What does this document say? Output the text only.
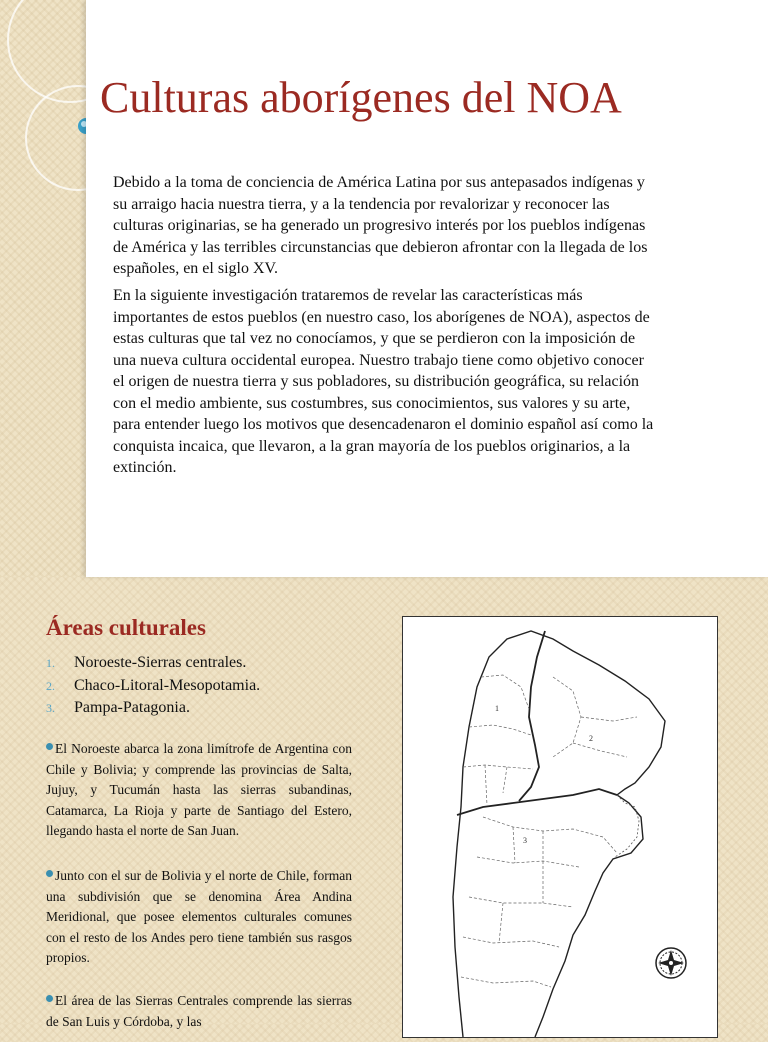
Culturas aborígenes del NOA

Debido a la toma de conciencia de América Latina por sus antepasados indígenas y su arraigo hacia nuestra tierra, y a la tendencia por revalorizar y reconocer las culturas originarias, se ha generado un progresivo interés por los pueblos indígenas de América y las terribles circunstancias que debieron afrontar con la llegada de los españoles, en el siglo XV.

En la siguiente investigación trataremos de revelar las características más importantes de estos pueblos (en nuestro caso, los aborígenes de NOA), aspectos de estas culturas que tal vez no conocíamos, y que se perdieron con la imposición de una nueva cultura occidental europea. Nuestro trabajo tiene como objetivo conocer el origen de nuestra tierra y sus pobladores, su distribución geográfica, su relación con el medio ambiente, sus costumbres, sus conocimientos, sus valores y su arte, para entender luego los motivos que desencadenaron el dominio español así como la conquista incaica, que llevaron, a la gran mayoría de los pueblos originarios, a la extinción.

Áreas culturales
1. Noroeste-Sierras centrales.
2. Chaco-Litoral-Mesopotamia.
3. Pampa-Patagonia.

El Noroeste abarca la zona limítrofe de Argentina con Chile y Bolivia; y comprende las provincias de Salta, Jujuy, y Tucumán hasta las sierras subandinas, Catamarca, La Rioja y parte de Santiago del Estero, llegando hasta el norte de San Juan.

Junto con el sur de Bolivia y el norte de Chile, forman una subdivisión que se denomina Área Andina Meridional, que posee elementos culturales comunes con el resto de los Andes pero tiene también sus rasgos propios.

El área de las Sierras Centrales comprende las sierras de San Luis y Córdoba, y las

1
2
3
